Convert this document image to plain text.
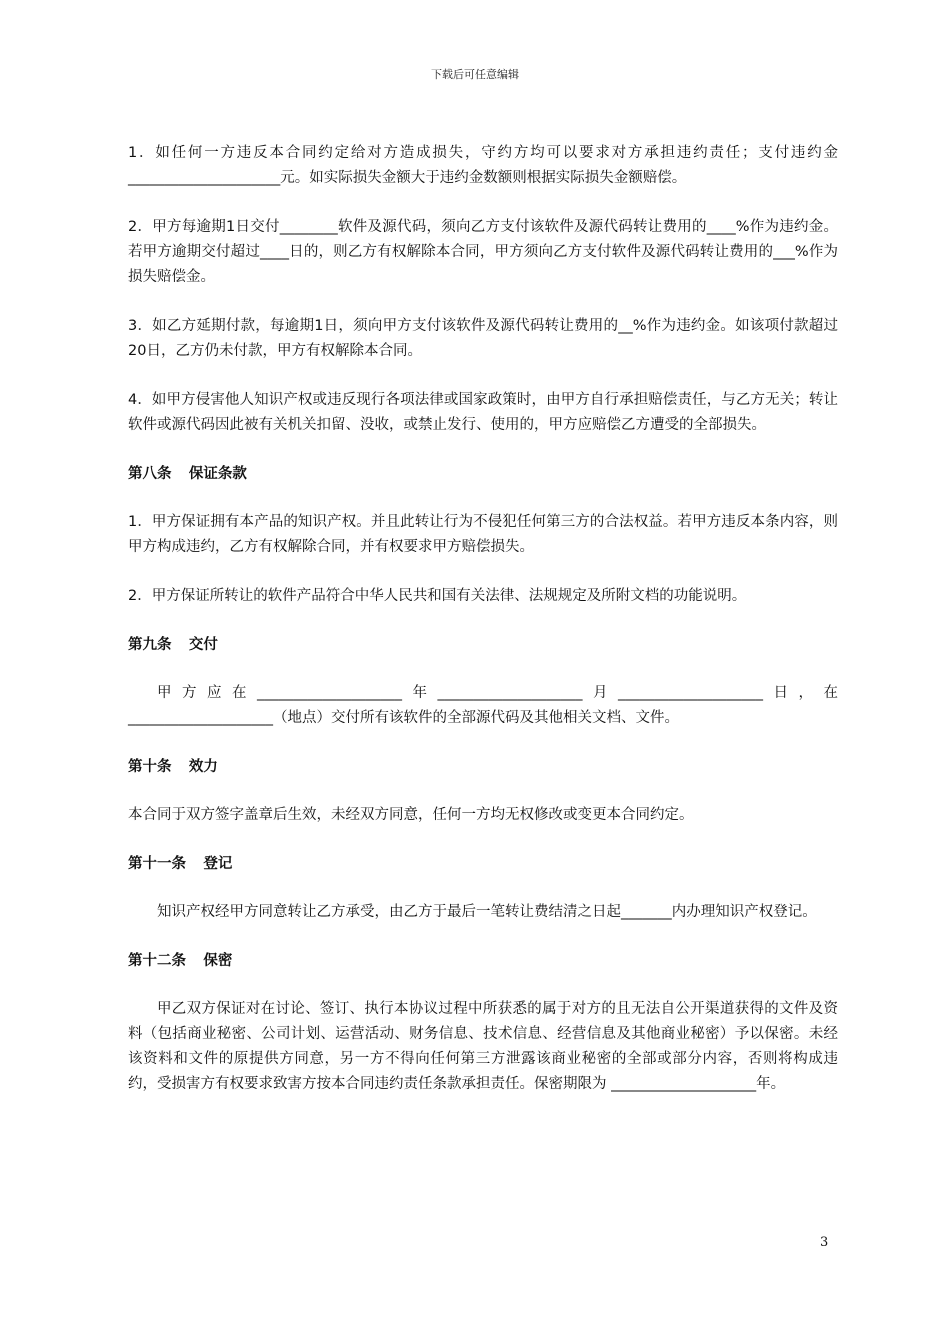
下载后可任意编辑

1．如任何一方违反本合同约定给对方造成损失，守约方均可以要求对方承担违约责任；支付违约金_____________________元。如实际损失金额大于违约金数额则根据实际损失金额赔偿。

2．甲方每逾期1日交付________软件及源代码，须向乙方支付该软件及源代码转让费用的____%作为违约金。若甲方逾期交付超过____日的，则乙方有权解除本合同，甲方须向乙方支付软件及源代码转让费用的___%作为损失赔偿金。

3．如乙方延期付款，每逾期1日，须向甲方支付该软件及源代码转让费用的__%作为违约金。如该项付款超过20日，乙方仍未付款，甲方有权解除本合同。

4．如甲方侵害他人知识产权或违反现行各项法律或国家政策时，由甲方自行承担赔偿责任，与乙方无关；转让软件或源代码因此被有关机关扣留、没收，或禁止发行、使用的，甲方应赔偿乙方遭受的全部损失。

第八条 保证条款

1．甲方保证拥有本产品的知识产权。并且此转让行为不侵犯任何第三方的合法权益。若甲方违反本条内容，则甲方构成违约，乙方有权解除合同，并有权要求甲方赔偿损失。

2．甲方保证所转让的软件产品符合中华人民共和国有关法律、法规规定及所附文档的功能说明。

第九条 交付

甲方应在____________________年____________________月____________________日，在____________________（地点）交付所有该软件的全部源代码及其他相关文档、文件。

第十条 效力

本合同于双方签字盖章后生效，未经双方同意，任何一方均无权修改或变更本合同约定。

第十一条 登记

知识产权经甲方同意转让乙方承受，由乙方于最后一笔转让费结清之日起_______内办理知识产权登记。

第十二条 保密

甲乙双方保证对在讨论、签订、执行本协议过程中所获悉的属于对方的且无法自公开渠道获得的文件及资料（包括商业秘密、公司计划、运营活动、财务信息、技术信息、经营信息及其他商业秘密）予以保密。未经该资料和文件的原提供方同意，另一方不得向任何第三方泄露该商业秘密的全部或部分内容，否则将构成违约，受损害方有权要求致害方按本合同违约责任条款承担责任。保密期限为 ____________________年。

3
